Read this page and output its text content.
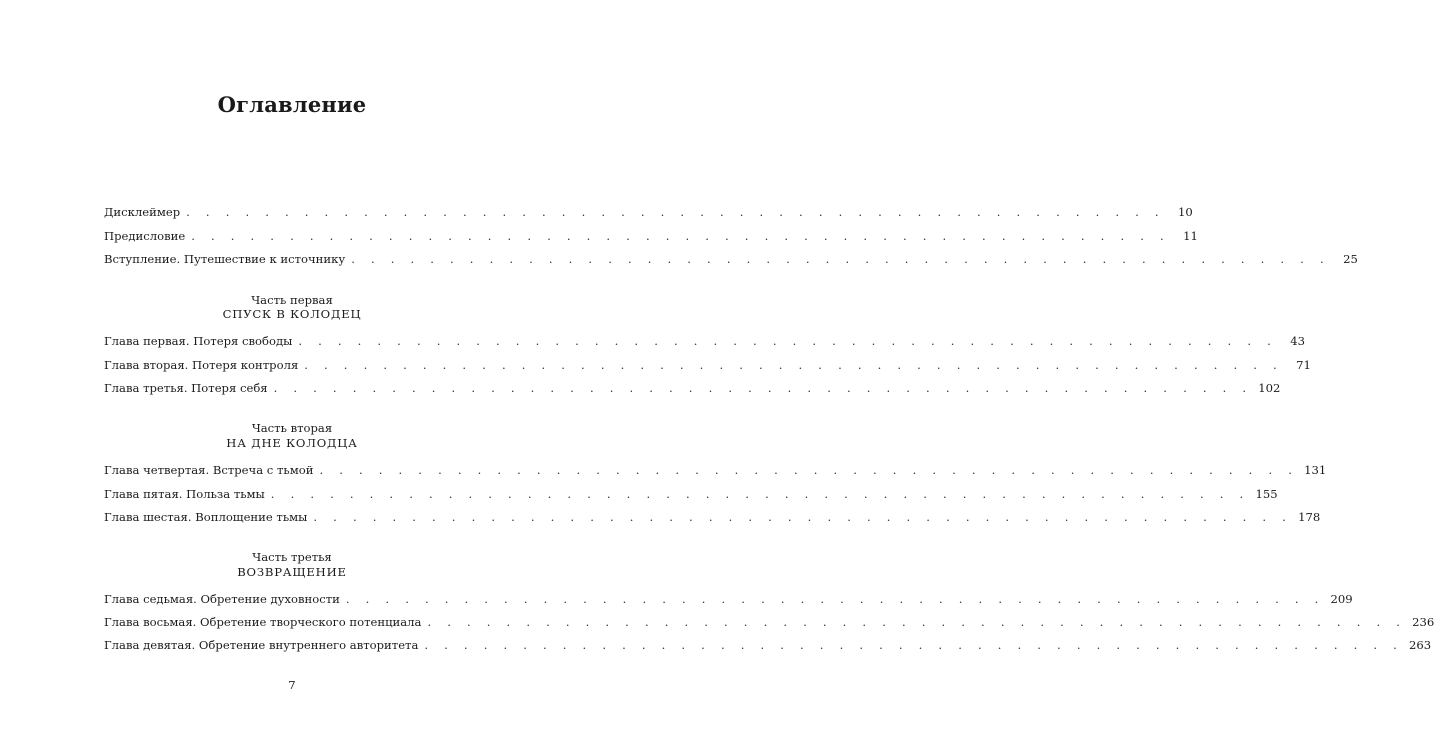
Оглавление
Дисклеймер . . . . . . . . . . . . . . . . . . . . . . . . . . . . . . . . . . . . . . . . . . . . . . . . . .	10
Предисловие . . . . . . . . . . . . . . . . . . . . . . . . . . . . . . . . . . . . . . . . . . . . . . . . . .	11
Вступление. Путешествие к источнику . . . . . . . . . . . . . . . . . . . . . . . . . . . . . . . . . . . . . . . . . . . . . . . . . .	25
Часть первая
СПУСК В КОЛОДЕЦ
Глава первая. Потеря свободы . . . . . . . . . . . . . . . . . . . . . . . . . . . . . . . . . . . . . . . . . . . . . . . . . .	43
Глава вторая. Потеря контроля . . . . . . . . . . . . . . . . . . . . . . . . . . . . . . . . . . . . . . . . . . . . . . . . . .	71
Глава третья. Потеря себя . . . . . . . . . . . . . . . . . . . . . . . . . . . . . . . . . . . . . . . . . . . . . . . . . . 102
Часть вторая
НА ДНЕ КОЛОДЦА
Глава четвертая. Встреча с тьмой . . . . . . . . . . . . . . . . . . . . . . . . . . . . . . . . . . . . . . . . . . . . . . . . . . 131
Глава пятая. Польза тьмы . . . . . . . . . . . . . . . . . . . . . . . . . . . . . . . . . . . . . . . . . . . . . . . . . . 155
Глава шестая. Воплощение тьмы . . . . . . . . . . . . . . . . . . . . . . . . . . . . . . . . . . . . . . . . . . . . . . . . . . 178
Часть третья
ВОЗВРАЩЕНИЕ
Глава седьмая. Обретение духовности . . . . . . . . . . . . . . . . . . . . . . . . . . . . . . . . . . . . . . . . . . . . . . . . . . 209
Глава восьмая. Обретение творческого потенциала . . . . . . . . . . . . . . . . . . . . . . . . . . . . . . . . . . . . . . . . . . . . . . . . . . 236
Глава девятая. Обретение внутреннего авторитета . . . . . . . . . . . . . . . . . . . . . . . . . . . . . . . . . . . . . . . . . . . . . . . . . . 263
7
